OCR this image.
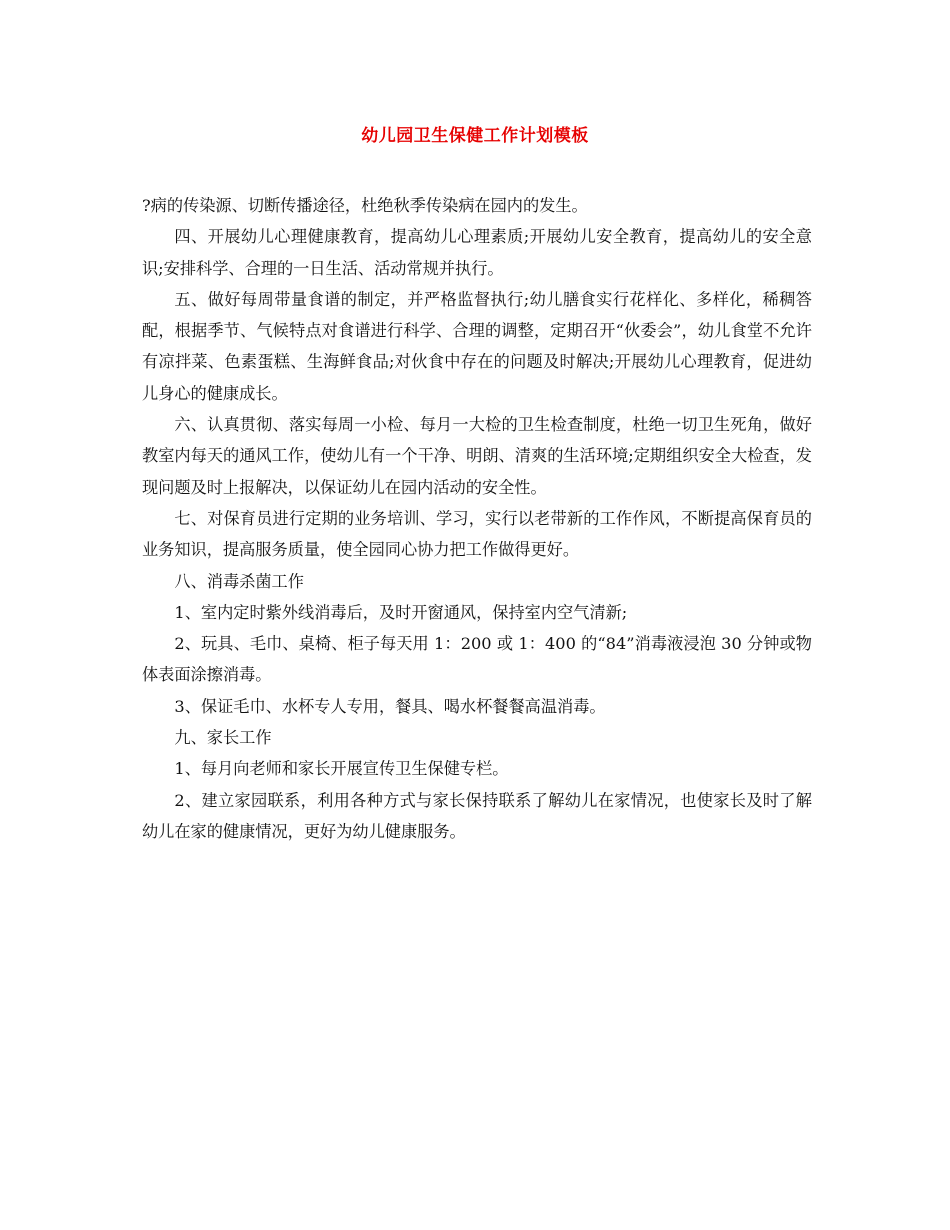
幼儿园卫生保健工作计划模板

?病的传染源、切断传播途径，杜绝秋季传染病在园内的发生。

四、开展幼儿心理健康教育，提高幼儿心理素质;开展幼儿安全教育，提高幼儿的安全意识;安排科学、合理的一日生活、活动常规并执行。

五、做好每周带量食谱的制定，并严格监督执行;幼儿膳食实行花样化、多样化，稀稠答配，根据季节、气候特点对食谱进行科学、合理的调整，定期召开“伙委会”，幼儿食堂不允许有凉拌菜、色素蛋糕、生海鲜食品;对伙食中存在的问题及时解决;开展幼儿心理教育，促进幼儿身心的健康成长。

六、认真贯彻、落实每周一小检、每月一大检的卫生检查制度，杜绝一切卫生死角，做好教室内每天的通风工作，使幼儿有一个干净、明朗、清爽的生活环境;定期组织安全大检查，发现问题及时上报解决，以保证幼儿在园内活动的安全性。

七、对保育员进行定期的业务培训、学习，实行以老带新的工作作风，不断提高保育员的业务知识，提高服务质量，使全园同心协力把工作做得更好。

八、消毒杀菌工作

1、室内定时紫外线消毒后，及时开窗通风，保持室内空气清新;

2、玩具、毛巾、桌椅、柜子每天用 1：200 或 1：400 的“84”消毒液浸泡 30 分钟或物体表面涂擦消毒。

3、保证毛巾、水杯专人专用，餐具、喝水杯餐餐高温消毒。

九、家长工作

1、每月向老师和家长开展宣传卫生保健专栏。

2、建立家园联系，利用各种方式与家长保持联系了解幼儿在家情况，也使家长及时了解幼儿在家的健康情况，更好为幼儿健康服务。
